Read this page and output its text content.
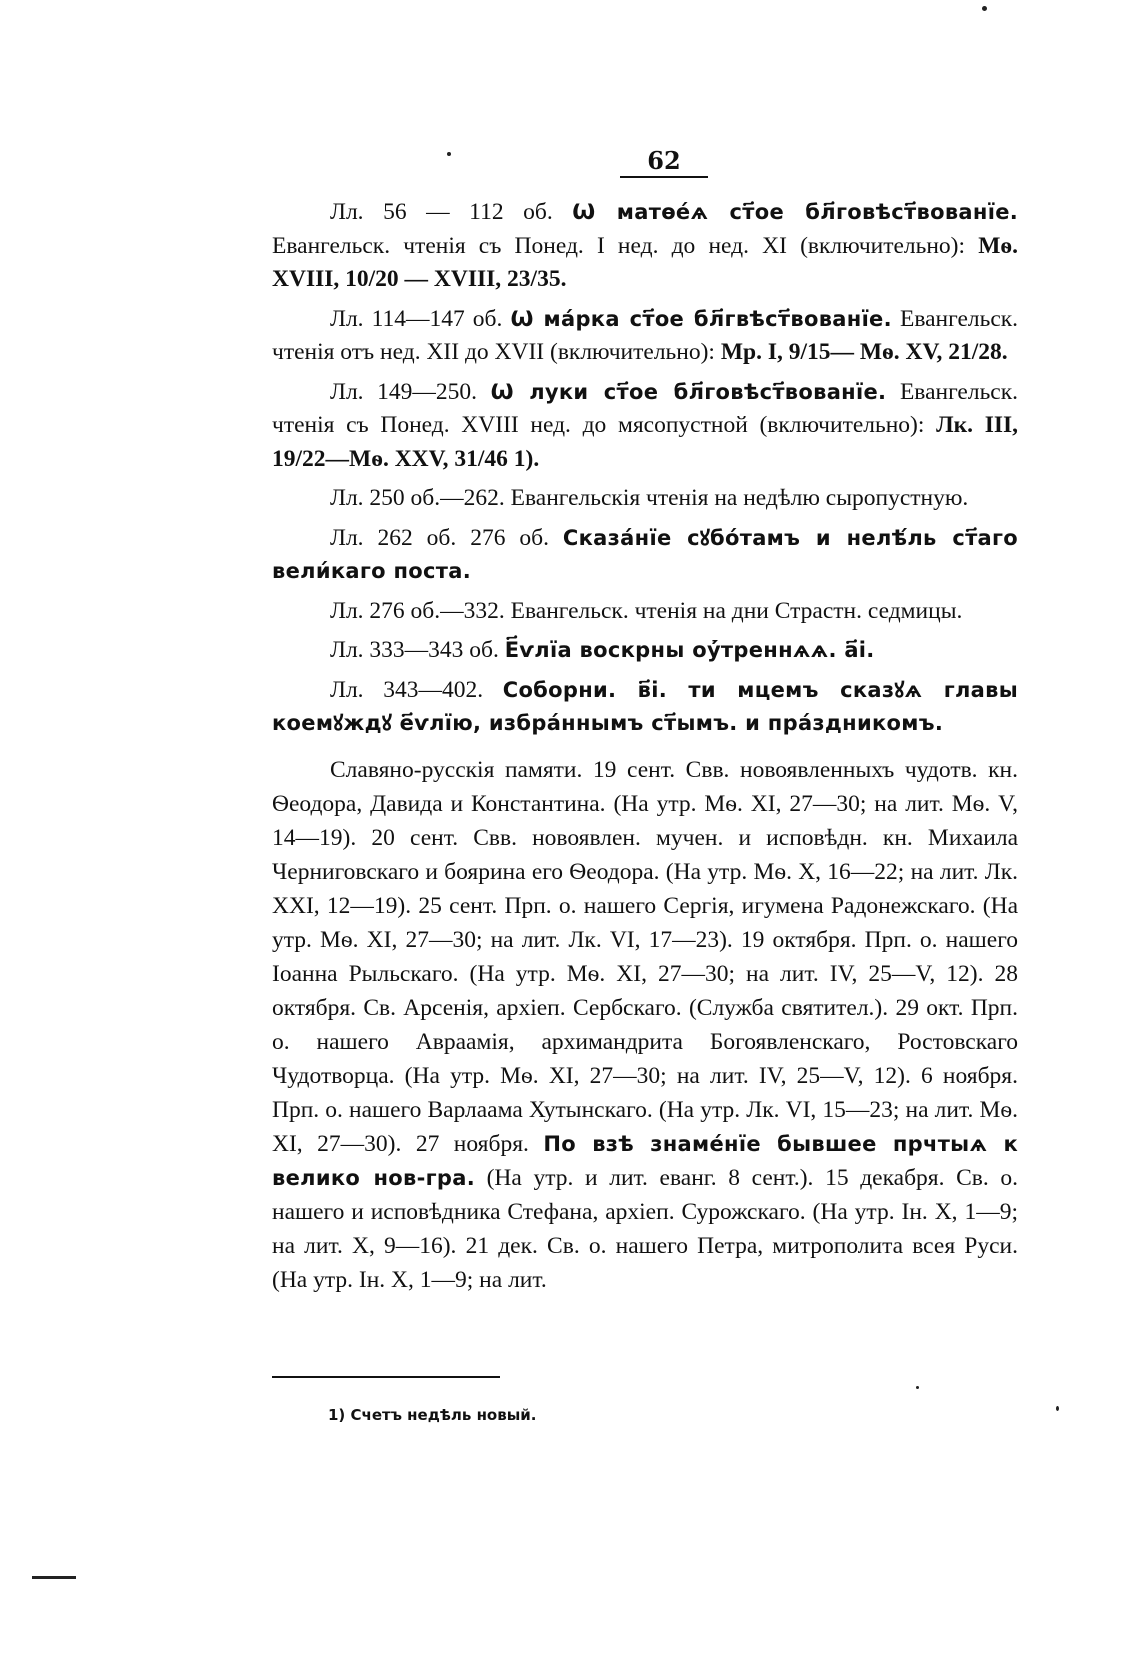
62

Лл. 56 — 112 об. Ѡ матѳе́ѧ ст҃ое бл҃говѣст҃вованїе. Евангельск. чтенія съ Понед. I нед. до нед. XI (включительно): Мѳ. XVIII, 10/20 — XVIII, 23/35.

Лл. 114—147 об. Ѡ ма́рка ст҃ое бл҃гвѣст҃вованїе. Евангельск. чтенія отъ нед. XII до XVII (включительно): Мр. I, 9/15— Мѳ. XV, 21/28.

Лл. 149—250. Ѡ луки ст҃ое бл҃говѣст҃вованїе. Евангельск. чтенія съ Понед. XVIII нед. до мясопустной (включительно): Лк. III, 19/22—Мѳ. XXV, 31/46 1).

Лл. 250 об.—262. Евангельскія чтенія на недѣлю сыропустную.

Лл. 262 об. 276 об. Сказа́нїе сꙋбо́тамъ и нелѣ́ль ст҃аго вели́каго поста.

Лл. 276 об.—332. Евангельск. чтенія на дни Страстн. седмицы.

Лл. 333—343 об. Е҃ѵлїа воскрны оу҆́треннѧѧ. а҃і.

Лл. 343—402. Соборни. в҃і. ти мцемъ сказꙋѧ главы коемꙋждꙋ е҃ѵлїю, избра́ннымъ ст҃ымъ. и пра́здникомъ.

Славяно-русскія памяти. 19 сент. Свв. новоявленныхъ чудотв. кн. Ѳеодора, Давида и Константина. (На утр. Мѳ. XI, 27—30; на лит. Мѳ. V, 14—19). 20 сент. Свв. новоявлен. мучен. и исповѣдн. кн. Михаила Черниговскаго и боярина его Ѳеодора. (На утр. Мѳ. X, 16—22; на лит. Лк. XXI, 12—19). 25 сент. Прп. о. нашего Сергія, игумена Радонежскаго. (На утр. Мѳ. XI, 27—30; на лит. Лк. VI, 17—23). 19 октября. Прп. о. нашего Іоанна Рыльскаго. (На утр. Мѳ. XI, 27—30; на лит. IV, 25—V, 12). 28 октября. Св. Арсенія, архіеп. Сербскаго. (Служба святител.). 29 окт. Прп. о. нашего Авраамія, архимандрита Богоявленскаго, Ростовскаго Чудотворца. (На утр. Мѳ. XI, 27—30; на лит. IV, 25—V, 12). 6 ноября. Прп. о. нашего Варлаама Хутынскаго. (На утр. Лк. VI, 15—23; на лит. Мѳ. XI, 27—30). 27 ноября. По взѣ знаме́нїе бывшее прчтыѧ к велико нов-гра. (На утр. и лит. еванг. 8 сент.). 15 декабря. Св. о. нашего и исповѣдника Стефана, архіеп. Сурожскаго. (На утр. Ін. X, 1—9; на лит. X, 9—16). 21 дек. Св. о. нашего Петра, митрополита всея Руси. (На утр. Ін. X, 1—9; на лит.

1) Счетъ недѣль новый.
